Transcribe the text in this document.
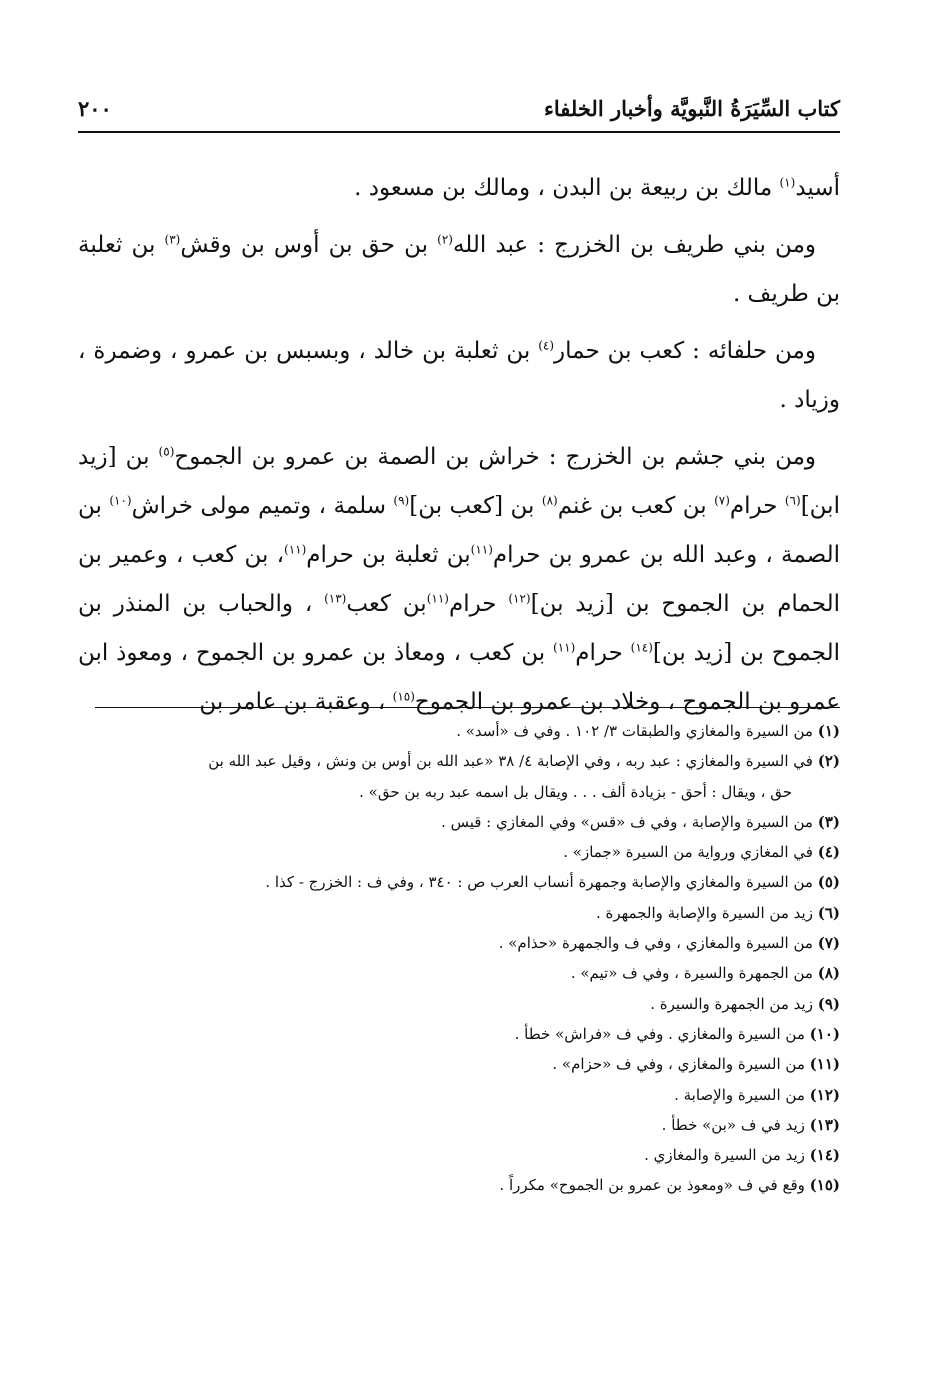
كتاب السِّيَرَةُ النَّبويَّة وأخبار الخلفاء
٢٠٠

أسيد$^{(١)}$ مالك بن ربيعة بن البدن ، ومالك بن مسعود .

ومن بني طريف بن الخزرج : عبد الله$^{(٢)}$ بن حق بن أوس بن وقش$^{(٣)}$ بن ثعلبة بن طريف .

ومن حلفائه : كعب بن حمار$^{(٤)}$ بن ثعلبة بن خالد ، وبسبس بن عمرو ، وضمرة ، وزياد .

ومن بني جشم بن الخزرج : خراش بن الصمة بن عمرو بن الجموح$^{(٥)}$ بن [زيد ابن]$^{(٦)}$ حرام$^{(٧)}$ بن كعب بن غنم$^{(٨)}$ بن [كعب بن]$^{(٩)}$ سلمة ، وتميم مولى خراش$^{(١٠)}$ بن الصمة ، وعبد الله بن عمرو بن حرام$^{(١١)}$بن ثعلبة بن حرام$^{(١١)}$، بن كعب ، وعمير بن الحمام بن الجموح بن [زيد بن]$^{(١٢)}$ حرام$^{(١١)}$بن كعب$^{(١٣)}$ ، والحباب بن المنذر بن الجموح بن [زيد بن]$^{(١٤)}$ حرام$^{(١١)}$ بن كعب ، ومعاذ بن عمرو بن الجموح ، ومعوذ ابن عمرو بن الجموح ، وخلاد بن عمرو بن الجموح$^{(١٥)}$ ، وعقبة بن عامر بن

(١) من السيرة والمغازي والطبقات ٣/ ١٠٢ . وفي ف «أسد» .
(٢) في السيرة والمغازي : عبد ربه ، وفي الإصابة ٤/ ٣٨ «عبد الله بن أوس بن ونش ، وقيل عبد الله بن
حق ، ويقال : أحق - بزيادة ألف . . . ويقال بل اسمه عبد ربه بن حق» .
(٣) من السيرة والإصابة ، وفي ف «قس» وفي المغازي : قيس .
(٤) في المغازي ورواية من السيرة «جماز» .
(٥) من السيرة والمغازي والإصابة وجمهرة أنساب العرب ص : ٣٤٠ ، وفي ف : الخزرج - كذا .
(٦) زيد من السيرة والإصابة والجمهرة .
(٧) من السيرة والمغازي ، وفي ف والجمهرة «حذام» .
(٨) من الجمهرة والسيرة ، وفي ف «تيم» .
(٩) زيد من الجمهرة والسيرة .
(١٠) من السيرة والمغازي . وفي ف «فراش» خطأ .
(١١) من السيرة والمغازي ، وفي ف «حزام» .
(١٢) من السيرة والإصابة .
(١٣) زيد في ف «بن» خطأ .
(١٤) زيد من السيرة والمغازي .
(١٥) وقع في ف «ومعوذ بن عمرو بن الجموح» مكرراً .
